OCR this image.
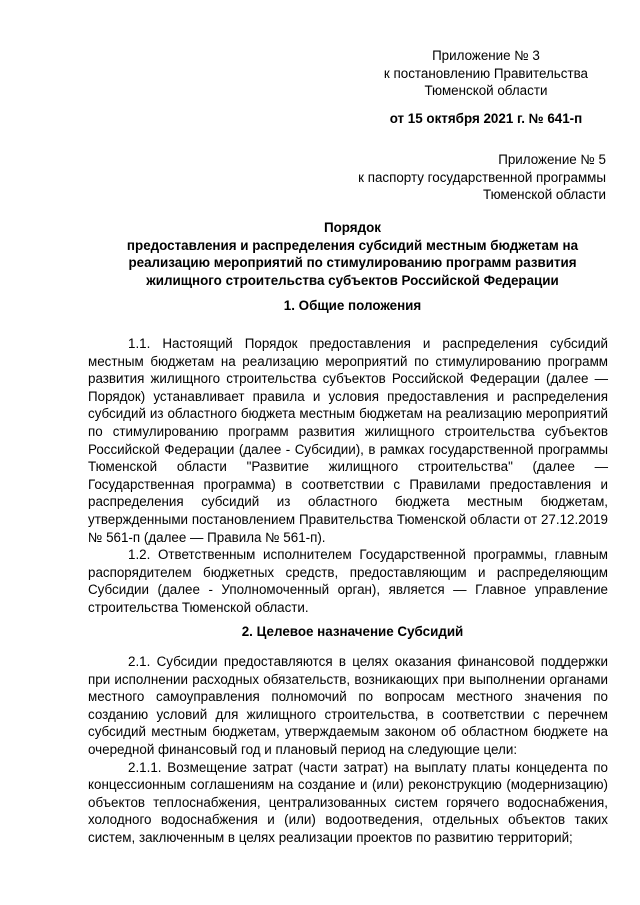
Приложение № 3
к постановлению Правительства
Тюменской области
от 15 октября 2021 г. № 641-п
Приложение № 5
к паспорту государственной программы
Тюменской области
Порядок
предоставления и распределения субсидий местным бюджетам на
реализацию мероприятий по стимулированию программ развития
жилищного строительства субъектов Российской Федерации
1. Общие положения

1.1. Настоящий Порядок предоставления и распределения субсидий местным бюджетам на реализацию мероприятий по стимулированию программ развития жилищного строительства субъектов Российской Федерации (далее — Порядок) устанавливает правила и условия предоставления и распределения субсидий из областного бюджета местным бюджетам на реализацию мероприятий по стимулированию программ развития жилищного строительства субъектов Российской Федерации (далее - Субсидии), в рамках государственной программы Тюменской области "Развитие жилищного строительства" (далее — Государственная программа) в соответствии с Правилами предоставления и распределения субсидий из областного бюджета местным бюджетам, утвержденными постановлением Правительства Тюменской области от 27.12.2019 № 561-п (далее — Правила № 561-п).

1.2. Ответственным исполнителем Государственной программы, главным распорядителем бюджетных средств, предоставляющим и распределяющим Субсидии (далее - Уполномоченный орган), является — Главное управление строительства Тюменской области.

2. Целевое назначение Субсидий

2.1. Субсидии предоставляются в целях оказания финансовой поддержки при исполнении расходных обязательств, возникающих при выполнении органами местного самоуправления полномочий по вопросам местного значения по созданию условий для жилищного строительства, в соответствии с перечнем субсидий местным бюджетам, утверждаемым законом об областном бюджете на очередной финансовый год и плановый период на следующие цели:

2.1.1. Возмещение затрат (части затрат) на выплату платы концедента по концессионным соглашениям на создание и (или) реконструкцию (модернизацию) объектов теплоснабжения, централизованных систем горячего водоснабжения, холодного водоснабжения и (или) водоотведения, отдельных объектов таких систем, заключенным в целях реализации проектов по развитию территорий;
